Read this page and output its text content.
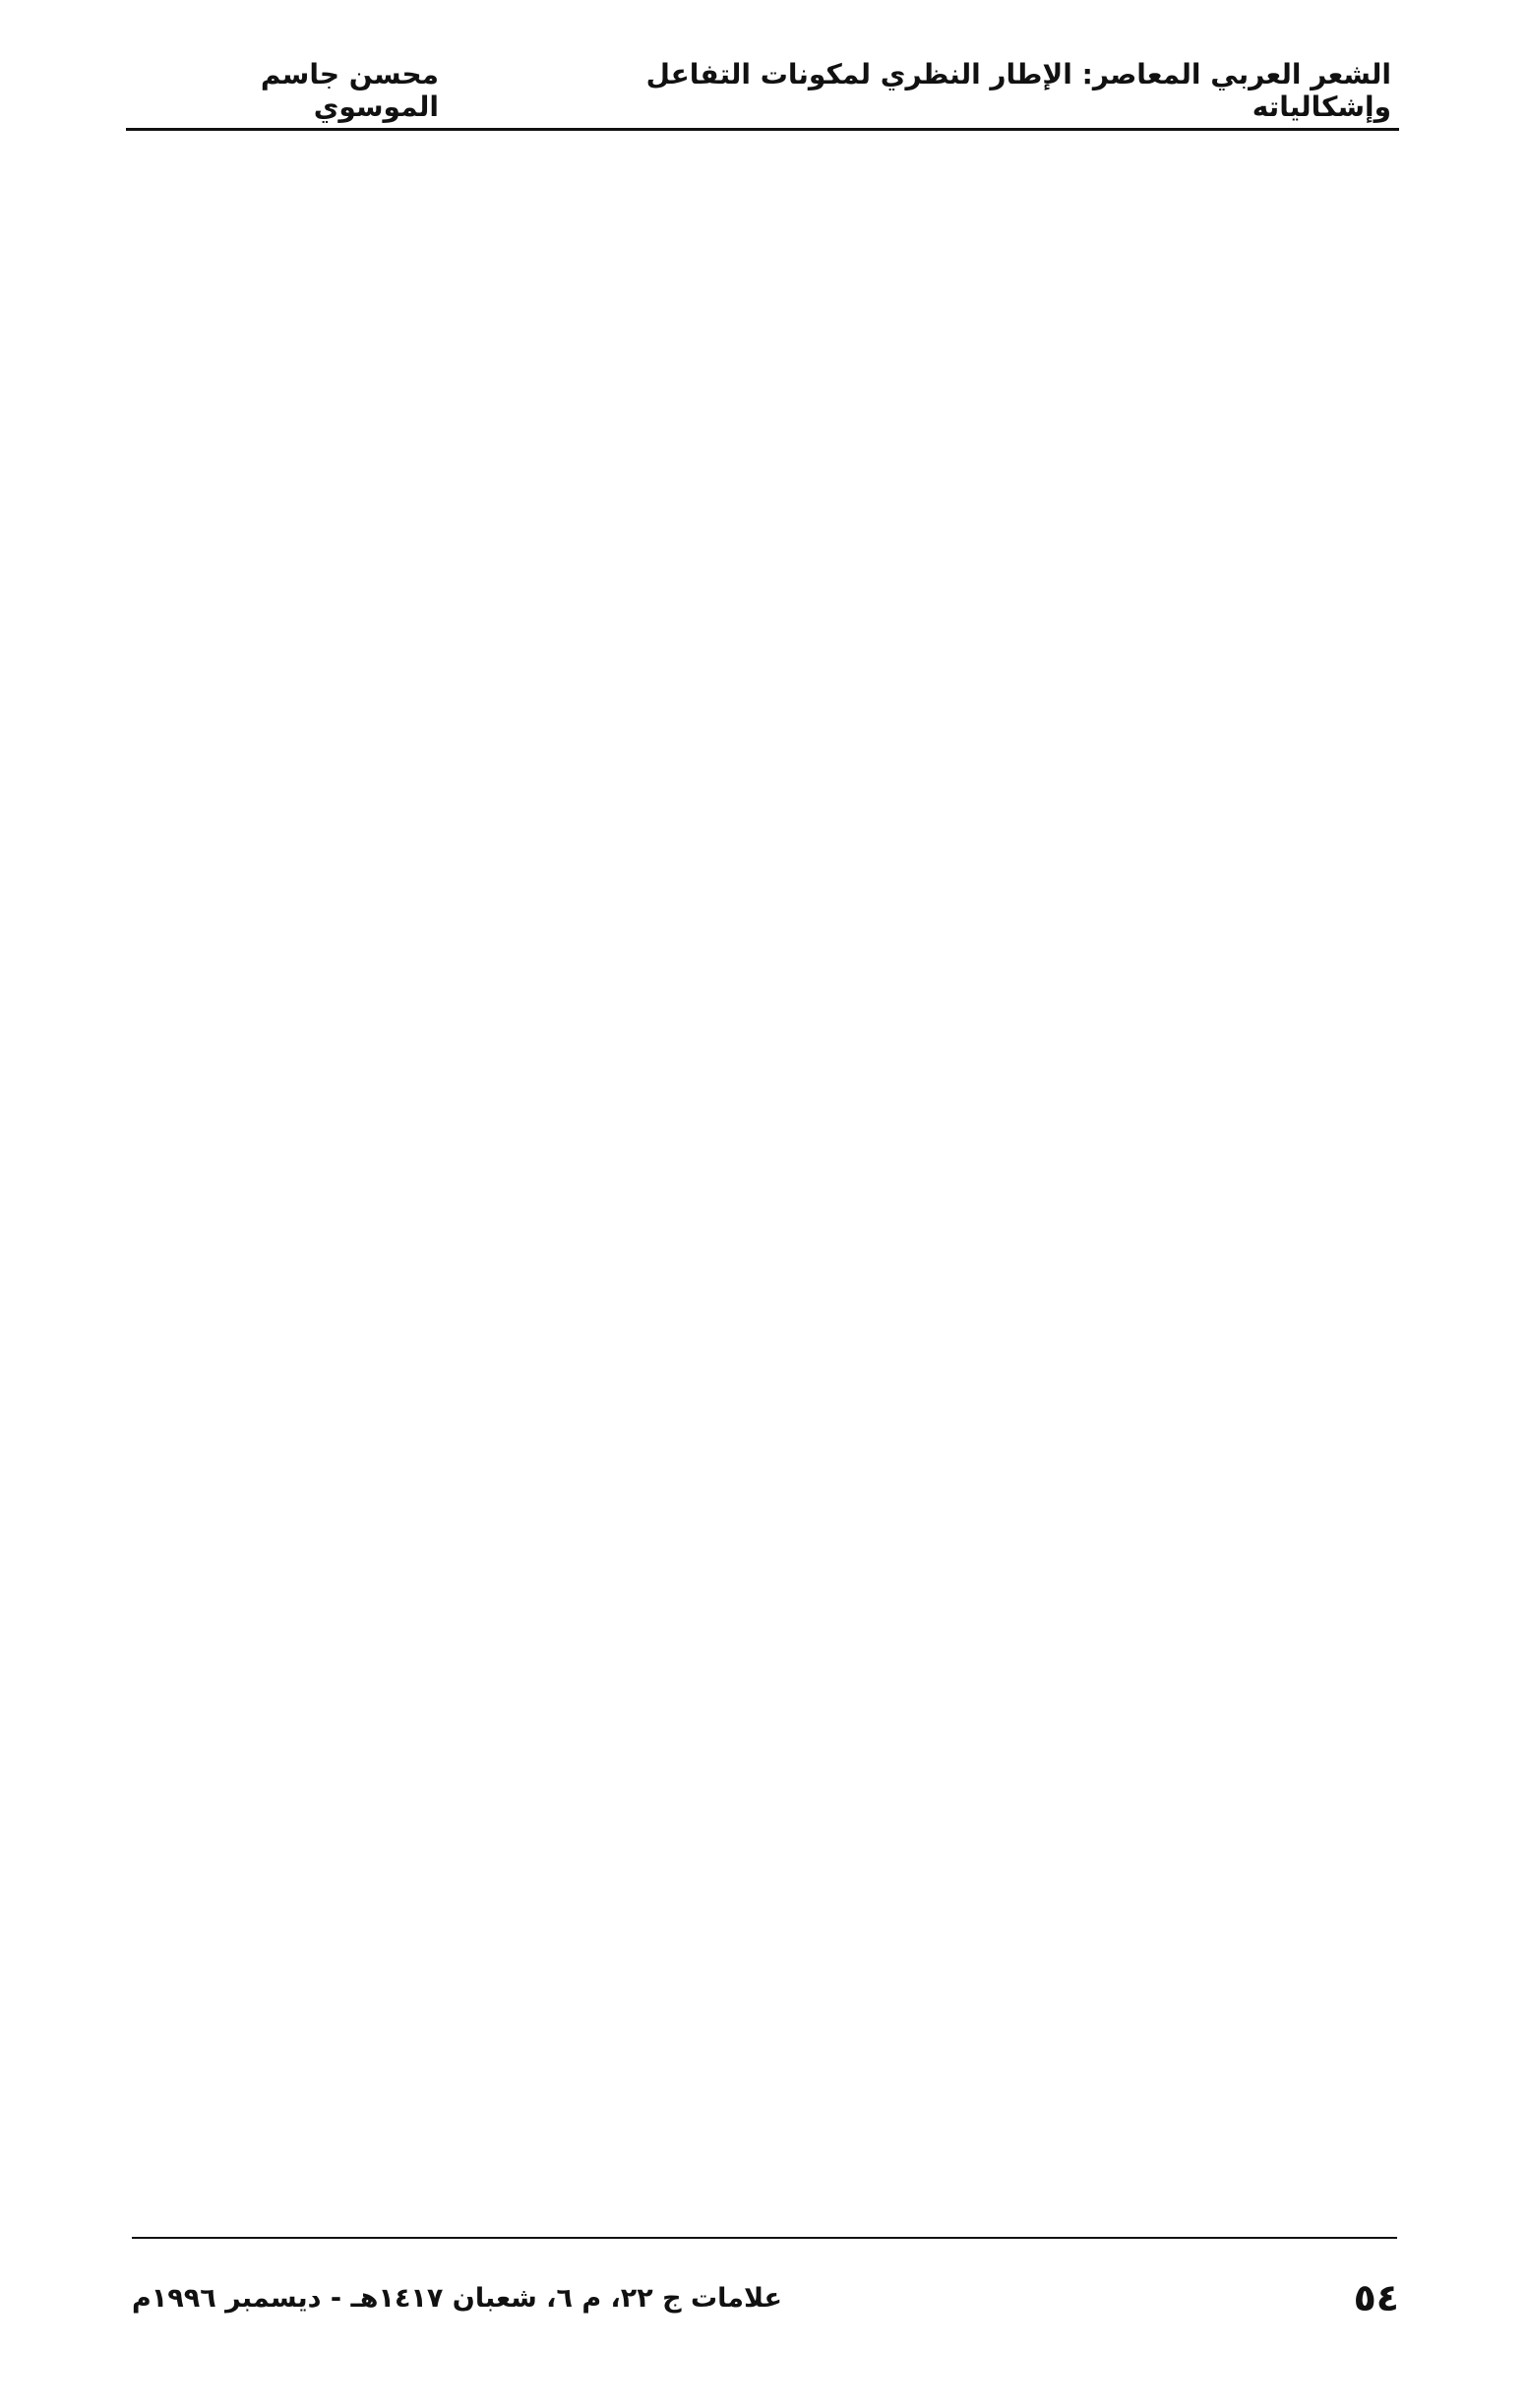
الشعر العربي المعاصر: الإطار النظري لمكونات التفاعل وإشكالياته
محسن جاسم الموسوي

٥٤
علامات ج ٢٢، م ٦، شعبان ١٤١٧هـ - ديسمبر ١٩٩٦م
